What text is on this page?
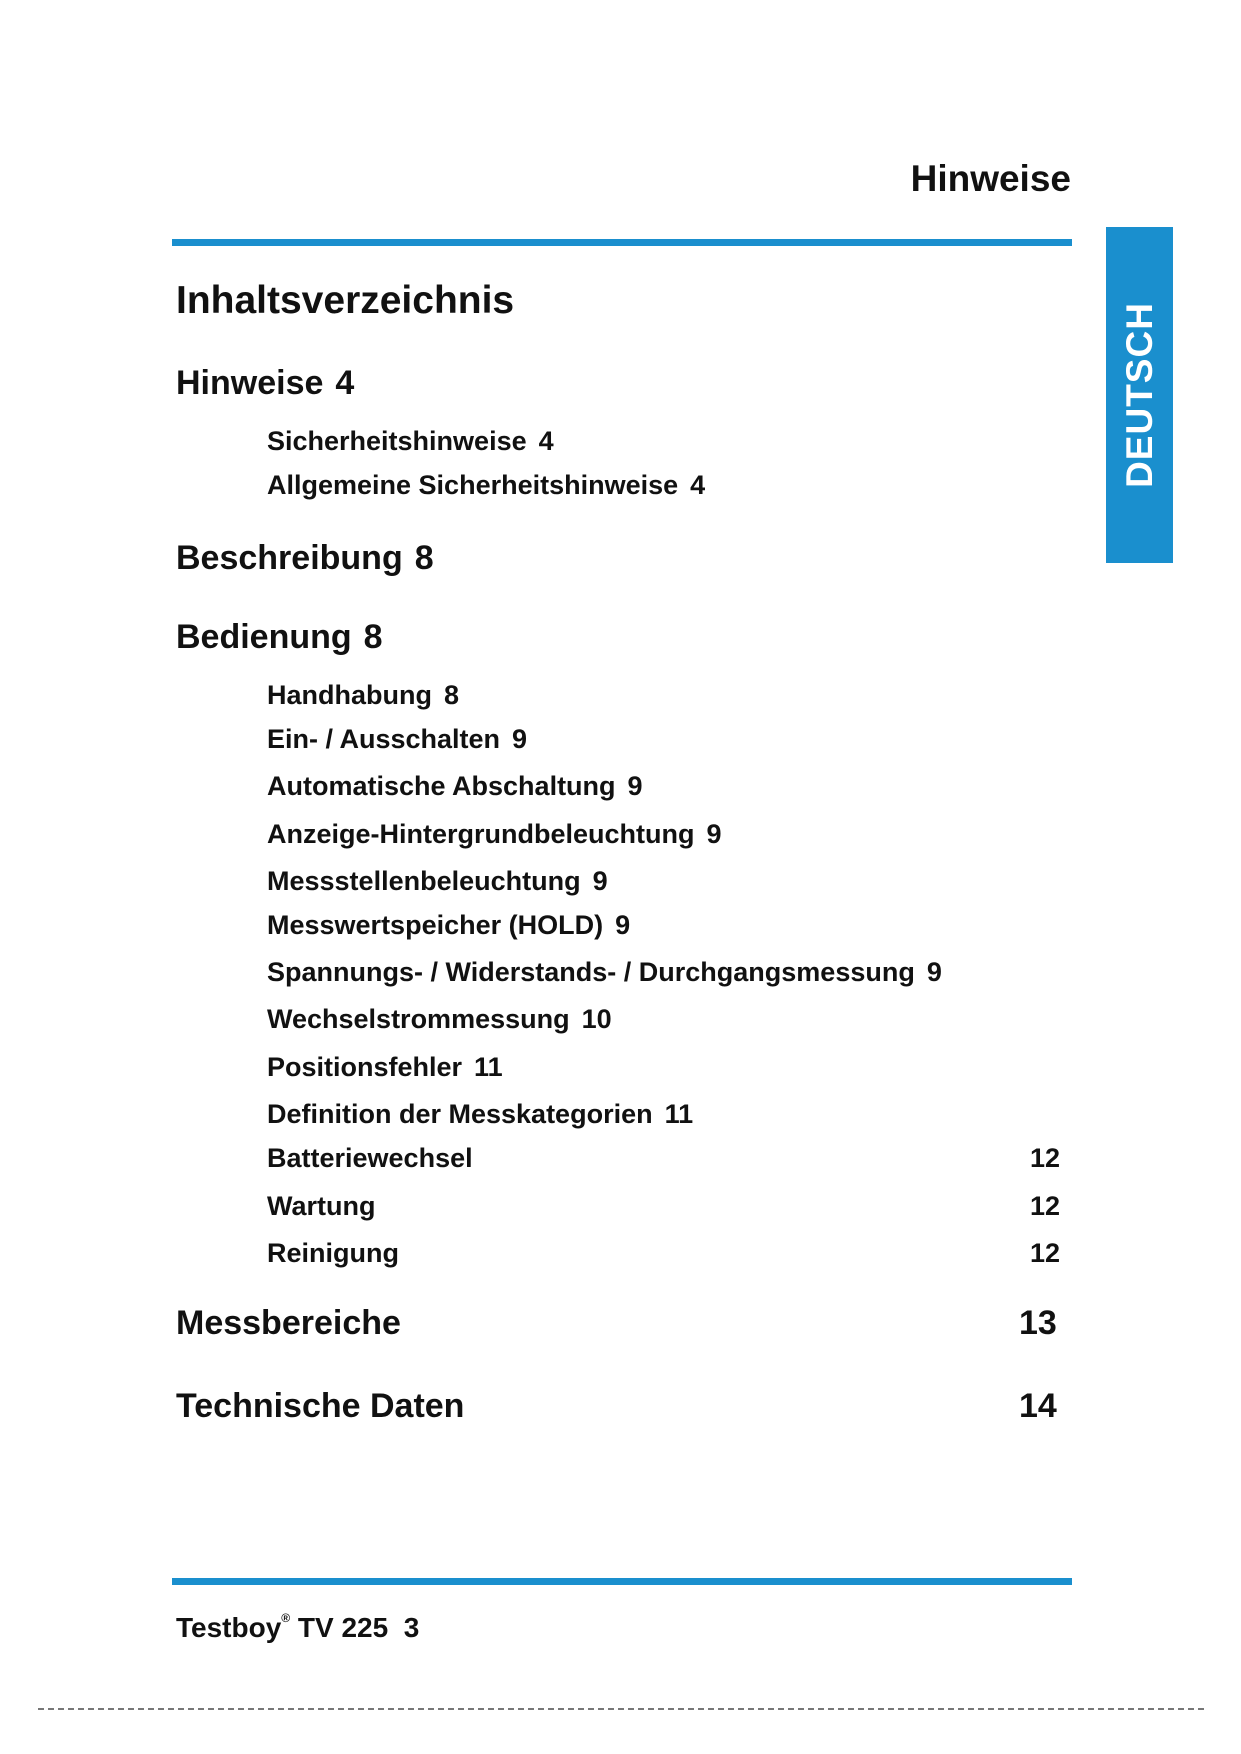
Hinweise
DEUTSCH
Inhaltsverzeichnis
Hinweise 4
Sicherheitshinweise 4
Allgemeine Sicherheitshinweise 4
Beschreibung 8
Bedienung 8
Handhabung 8
Ein- / Ausschalten 9
Automatische Abschaltung 9
Anzeige-Hintergrundbeleuchtung 9
Messstellenbeleuchtung 9
Messwertspeicher (HOLD) 9
Spannungs- / Widerstands- / Durchgangsmessung 9
Wechselstrommessung 10
Positionsfehler 11
Definition der Messkategorien 11
Batteriewechsel	12
Wartung	12
Reinigung	12
Messbereiche	13
Technische Daten	14
Testboy® TV 225 3
